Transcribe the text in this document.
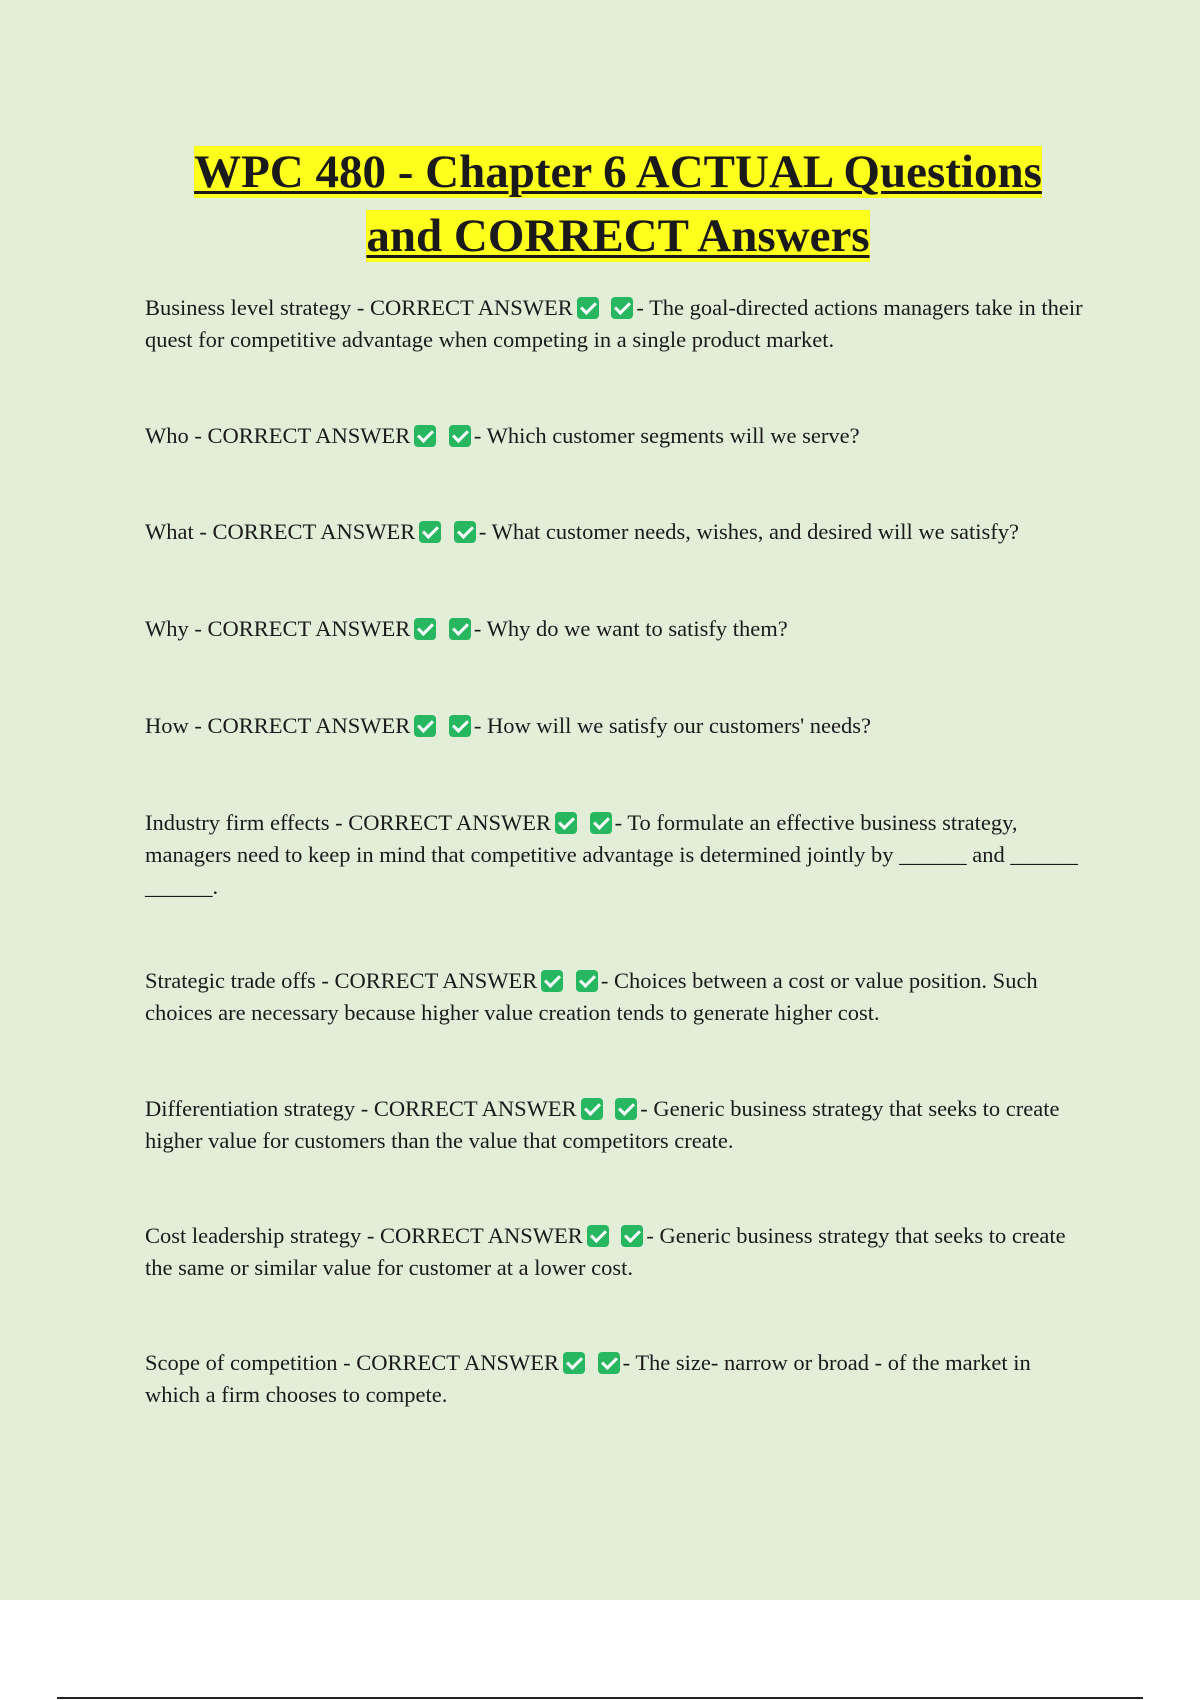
WPC 480 - Chapter 6 ACTUAL Questions
and CORRECT Answers
Business level strategy - CORRECT ANSWER	- The goal-directed actions managers take in their quest for competitive advantage when competing in a single product market.
Who - CORRECT ANSWER	- Which customer segments will we serve?
What - CORRECT ANSWER	- What customer needs, wishes, and desired will we satisfy?
Why - CORRECT ANSWER	- Why do we want to satisfy them?
How - CORRECT ANSWER	- How will we satisfy our customers' needs?
Industry firm effects - CORRECT ANSWER	- To formulate an effective business strategy, managers need to keep in mind that competitive advantage is determined jointly by ______ and ______ ______.
Strategic trade offs - CORRECT ANSWER	- Choices between a cost or value position. Such choices are necessary because higher value creation tends to generate higher cost.
Differentiation strategy - CORRECT ANSWER	- Generic business strategy that seeks to create higher value for customers than the value that competitors create.
Cost leadership strategy - CORRECT ANSWER	- Generic business strategy that seeks to create the same or similar value for customer at a lower cost.
Scope of competition - CORRECT ANSWER	- The size- narrow or broad - of the market in which a firm chooses to compete.
